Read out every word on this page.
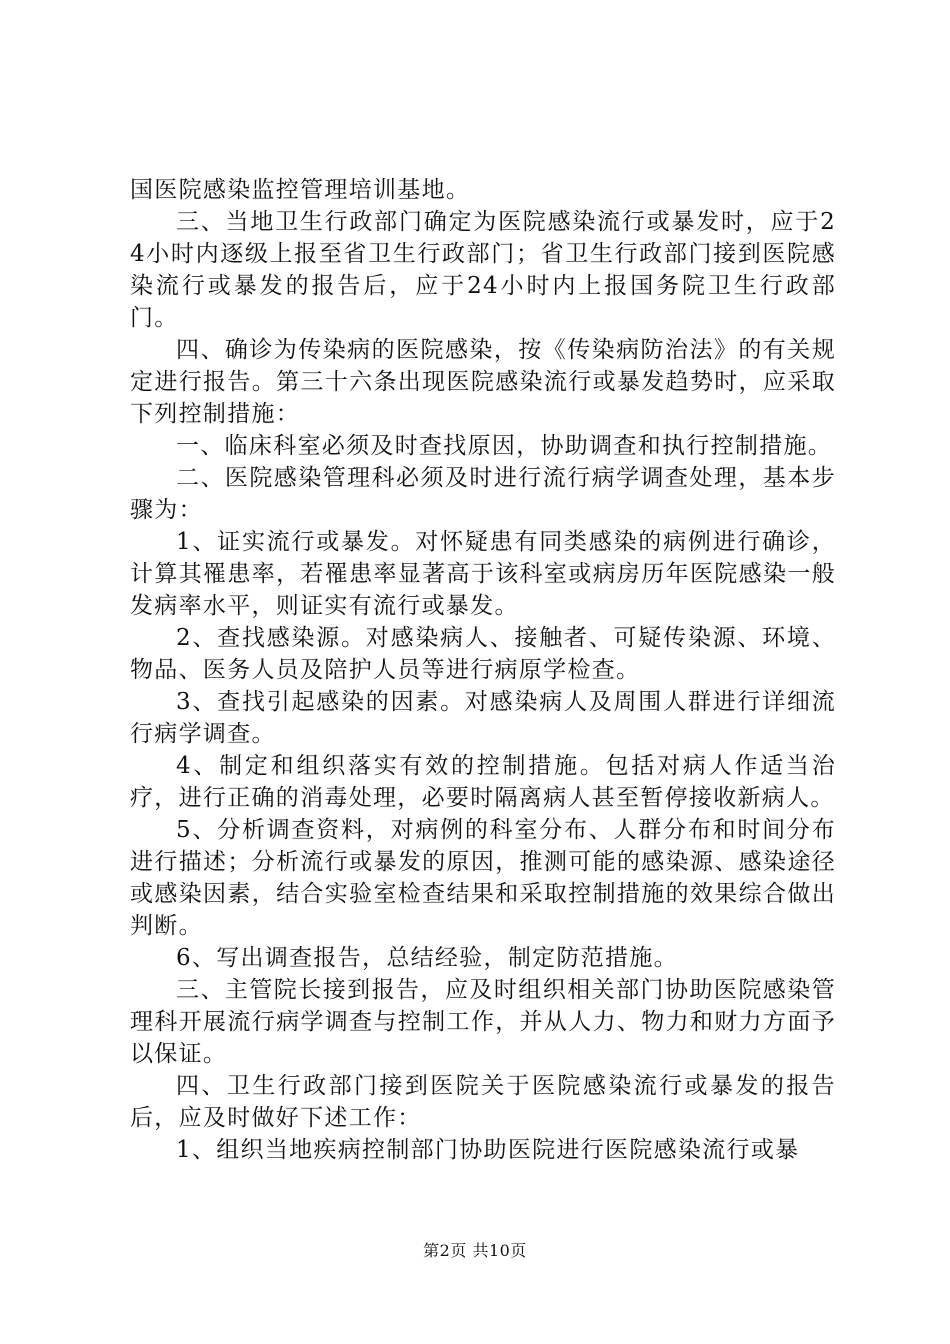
国医院感染监控管理培训基地。

三、当地卫生行政部门确定为医院感染流行或暴发时，应于24小时内逐级上报至省卫生行政部门；省卫生行政部门接到医院感染流行或暴发的报告后，应于24小时内上报国务院卫生行政部门。

四、确诊为传染病的医院感染，按《传染病防治法》的有关规定进行报告。第三十六条出现医院感染流行或暴发趋势时，应采取下列控制措施：

一、临床科室必须及时查找原因，协助调查和执行控制措施。

二、医院感染管理科必须及时进行流行病学调查处理，基本步骤为：

1、证实流行或暴发。对怀疑患有同类感染的病例进行确诊，计算其罹患率，若罹患率显著高于该科室或病房历年医院感染一般发病率水平，则证实有流行或暴发。

2、查找感染源。对感染病人、接触者、可疑传染源、环境、物品、医务人员及陪护人员等进行病原学检查。

3、查找引起感染的因素。对感染病人及周围人群进行详细流行病学调查。

4、制定和组织落实有效的控制措施。包括对病人作适当治疗，进行正确的消毒处理，必要时隔离病人甚至暂停接收新病人。

5、分析调查资料，对病例的科室分布、人群分布和时间分布进行描述；分析流行或暴发的原因，推测可能的感染源、感染途径或感染因素，结合实验室检查结果和采取控制措施的效果综合做出判断。

6、写出调查报告，总结经验，制定防范措施。

三、主管院长接到报告，应及时组织相关部门协助医院感染管理科开展流行病学调查与控制工作，并从人力、物力和财力方面予以保证。

四、卫生行政部门接到医院关于医院感染流行或暴发的报告后，应及时做好下述工作：

1、组织当地疾病控制部门协助医院进行医院感染流行或暴

第2页 共10页
